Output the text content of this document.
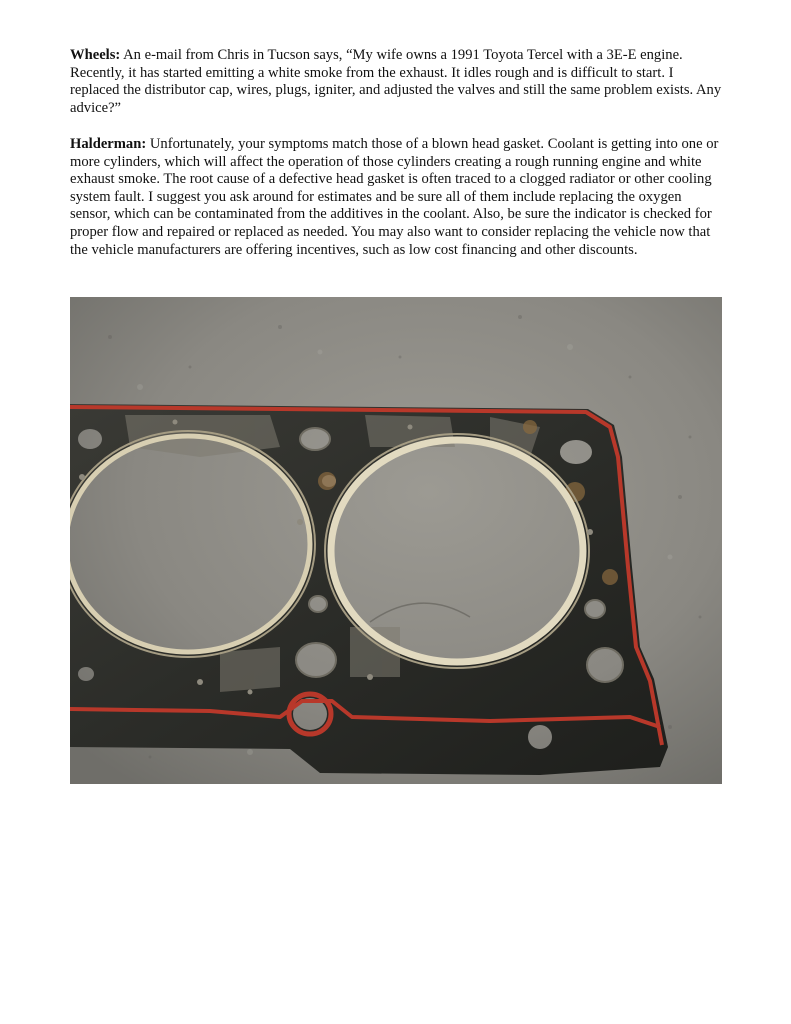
Wheels: An e-mail from Chris in Tucson says, “My wife owns a 1991 Toyota Tercel with a 3E-E engine. Recently, it has started emitting a white smoke from the exhaust. It idles rough and is difficult to start. I replaced the distributor cap, wires, plugs, igniter, and adjusted the valves and still the same problem exists. Any advice?”

Halderman: Unfortunately, your symptoms match those of a blown head gasket. Coolant is getting into one or more cylinders, which will affect the operation of those cylinders creating a rough running engine and white exhaust smoke. The root cause of a defective head gasket is often traced to a clogged radiator or other cooling system fault. I suggest you ask around for estimates and be sure all of them include replacing the oxygen sensor, which can be contaminated from the additives in the coolant. Also, be sure the indicator is checked for proper flow and repaired or replaced as needed. You may also want to consider replacing the vehicle now that the vehicle manufacturers are offering incentives, such as low cost financing and other discounts.
